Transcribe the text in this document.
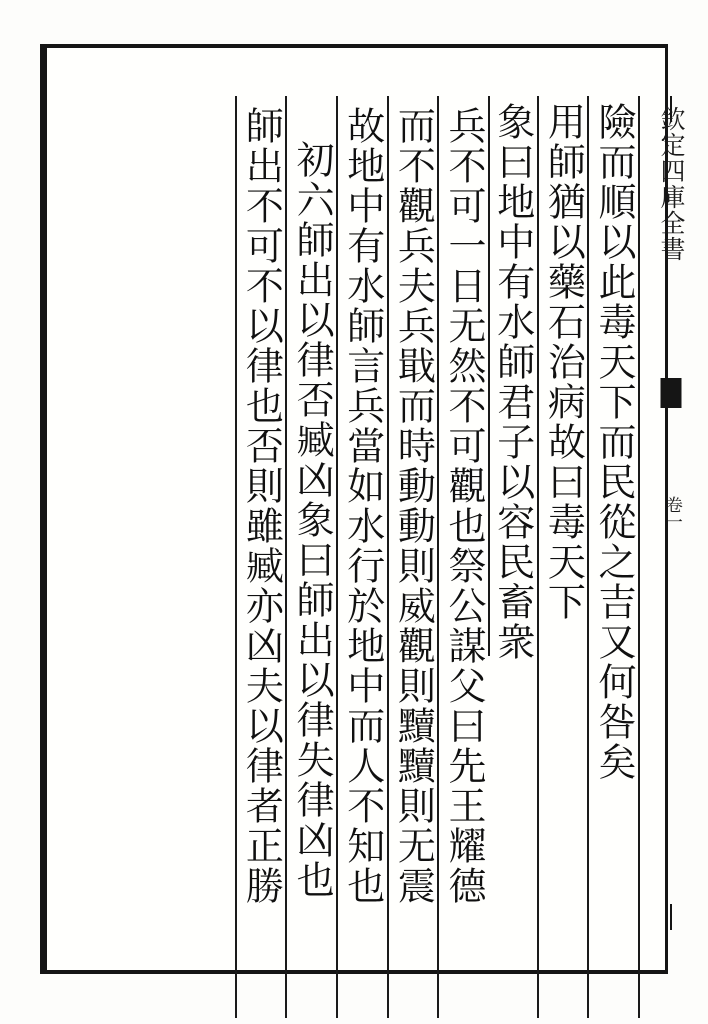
欽定四庫全書
卷一
險而順以此毒天下而民從之吉又何咎矣
用師猶以藥石治病故曰毒天下
象曰地中有水師君子以容民畜衆
兵不可一日无然不可觀也祭公謀父曰先王耀德
而不觀兵夫兵戢而時動動則威觀則黷黷則无震
故地中有水師言兵當如水行於地中而人不知也
初六師出以律否臧凶象曰師出以律失律凶也
師出不可不以律也否則雖臧亦凶夫以律者正勝
